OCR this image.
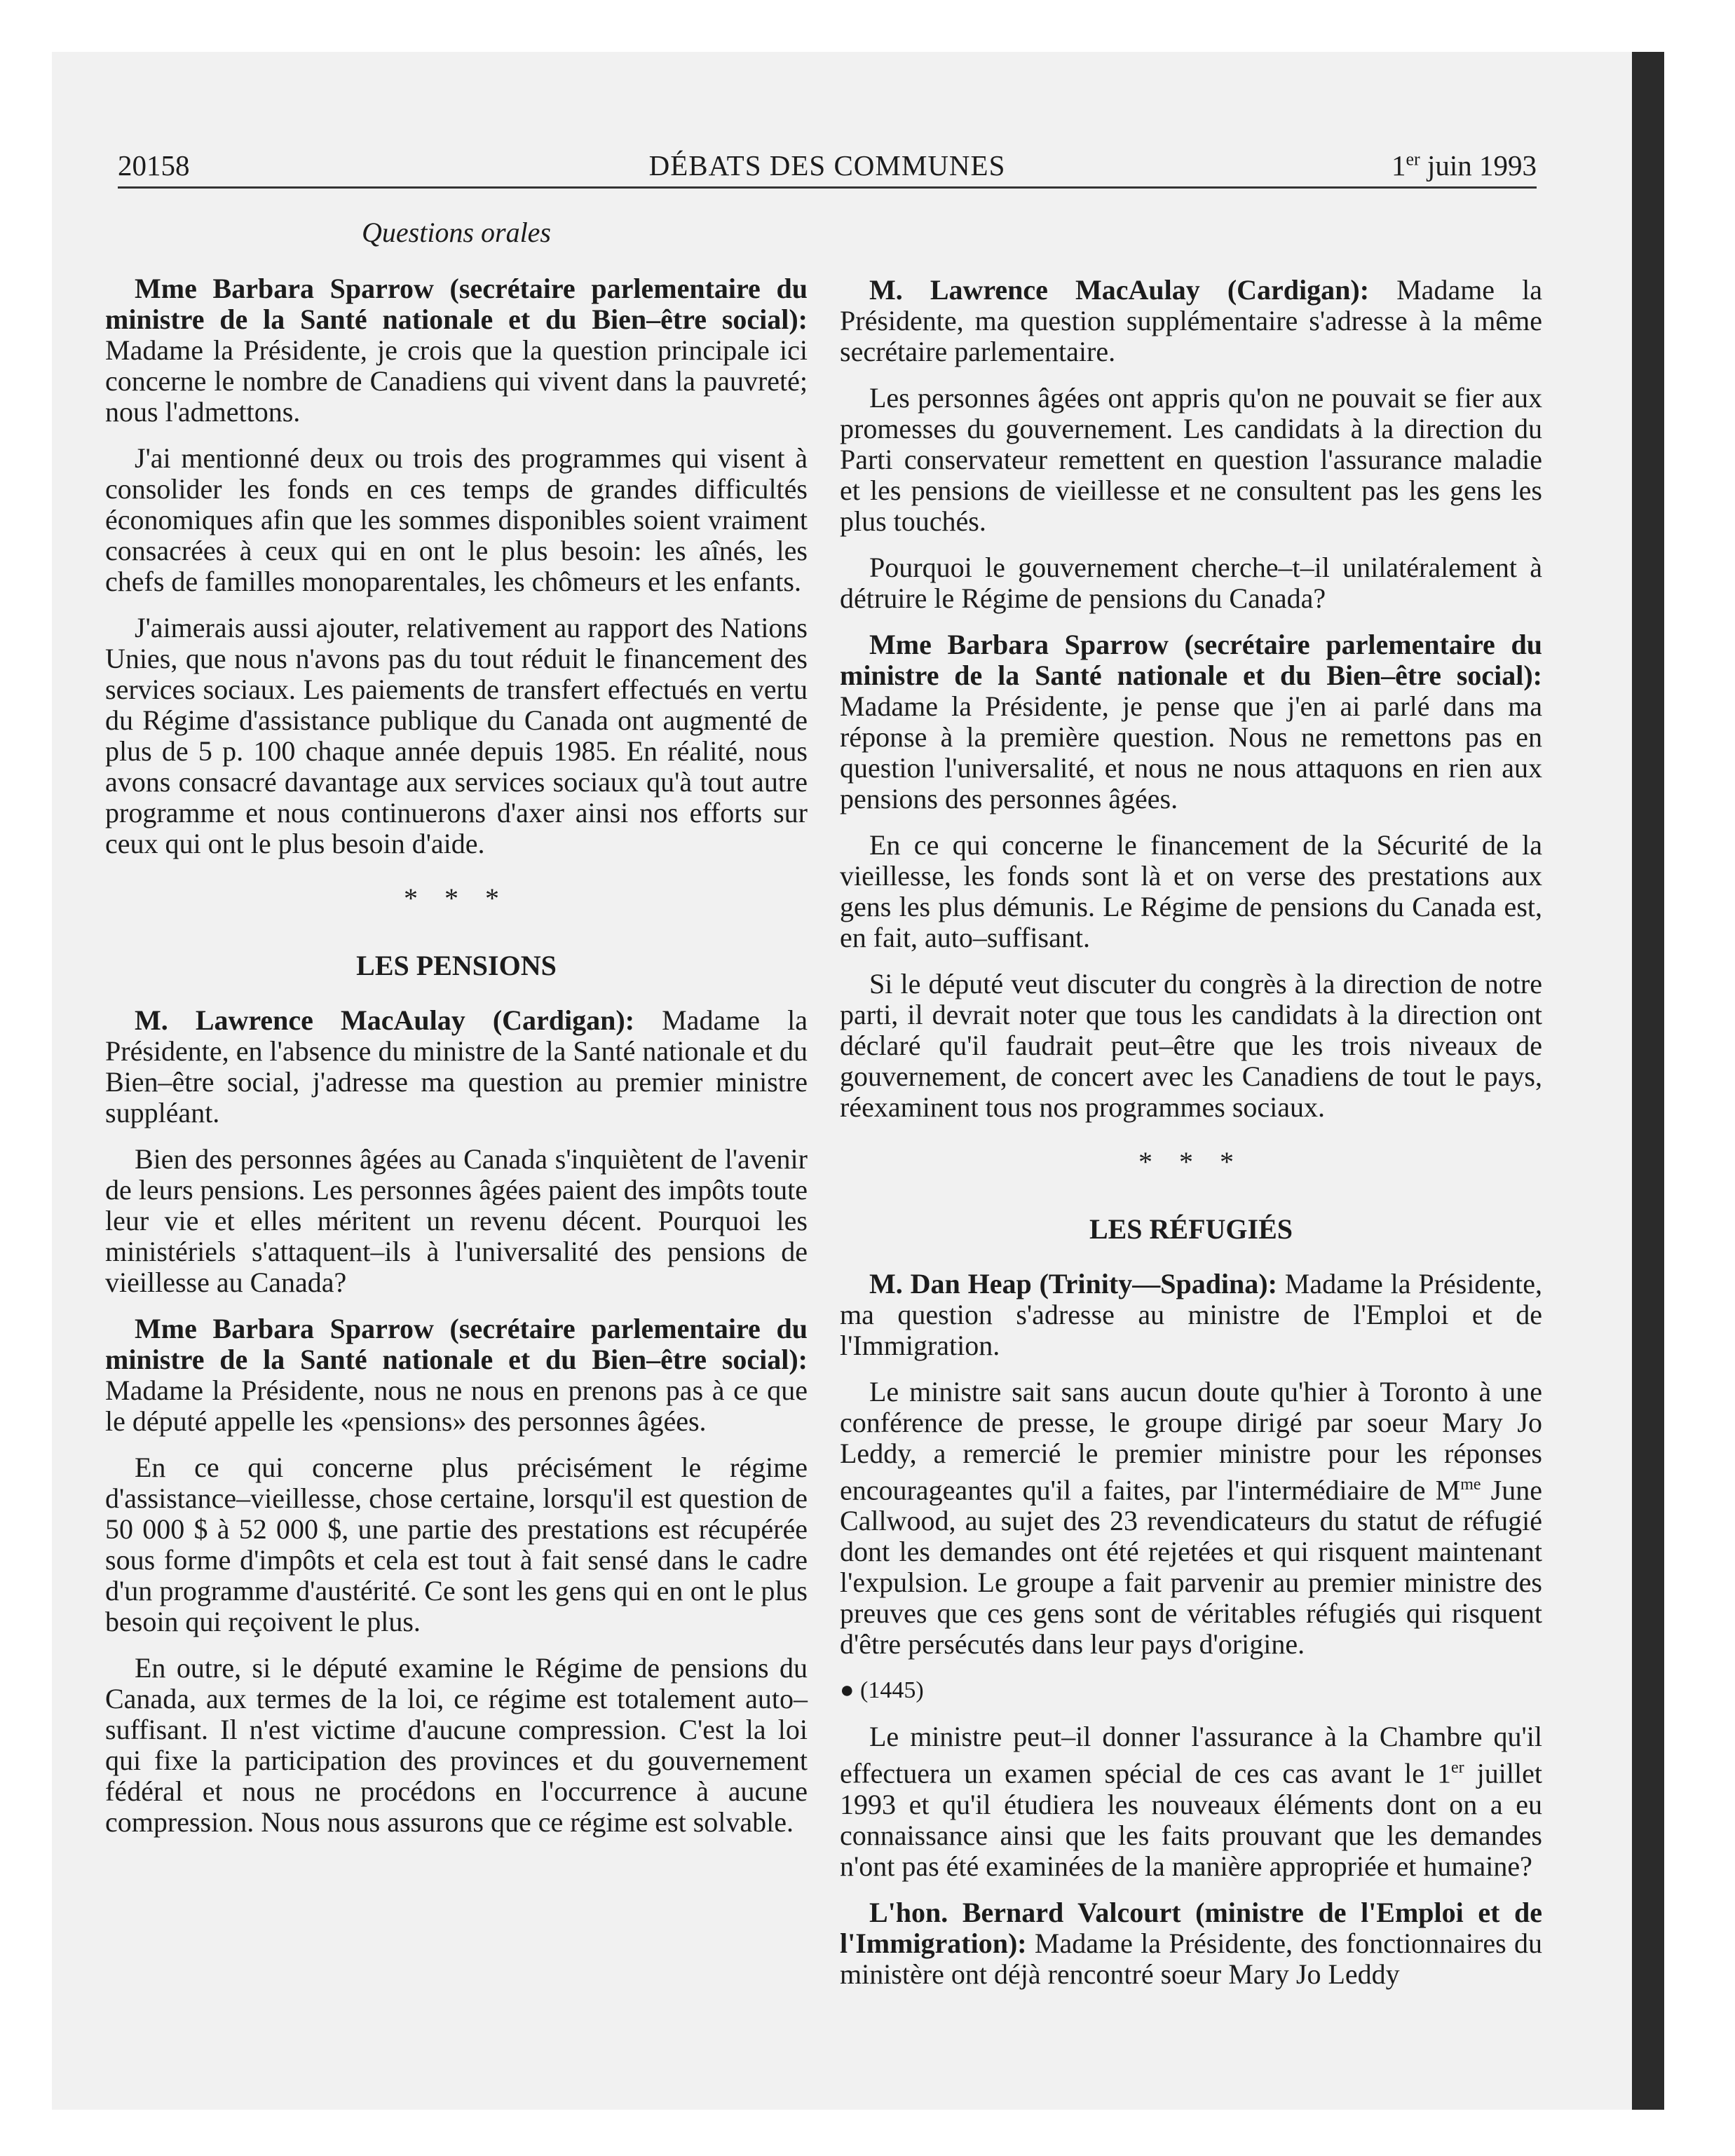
20158	DÉBATS DES COMMUNES	1er juin 1993
Questions orales

Mme Barbara Sparrow (secrétaire parlementaire du ministre de la Santé nationale et du Bien–être social): Madame la Présidente, je crois que la question principale ici concerne le nombre de Canadiens qui vivent dans la pauvreté; nous l'admettons.

J'ai mentionné deux ou trois des programmes qui visent à consolider les fonds en ces temps de grandes difficultés économiques afin que les sommes disponibles soient vraiment consacrées à ceux qui en ont le plus besoin: les aînés, les chefs de familles monoparentales, les chômeurs et les enfants.

J'aimerais aussi ajouter, relativement au rapport des Nations Unies, que nous n'avons pas du tout réduit le financement des services sociaux. Les paiements de transfert effectués en vertu du Régime d'assistance publique du Canada ont augmenté de plus de 5 p. 100 chaque année depuis 1985. En réalité, nous avons consacré davantage aux services sociaux qu'à tout autre programme et nous continuerons d'axer ainsi nos efforts sur ceux qui ont le plus besoin d'aide.

* * *
LES PENSIONS

M. Lawrence MacAulay (Cardigan): Madame la Présidente, en l'absence du ministre de la Santé nationale et du Bien–être social, j'adresse ma question au premier ministre suppléant.

Bien des personnes âgées au Canada s'inquiètent de l'avenir de leurs pensions. Les personnes âgées paient des impôts toute leur vie et elles méritent un revenu décent. Pourquoi les ministériels s'attaquent–ils à l'universalité des pensions de vieillesse au Canada?

Mme Barbara Sparrow (secrétaire parlementaire du ministre de la Santé nationale et du Bien–être social): Madame la Présidente, nous ne nous en prenons pas à ce que le député appelle les «pensions» des personnes âgées.

En ce qui concerne plus précisément le régime d'assistance–vieillesse, chose certaine, lorsqu'il est question de 50 000 $ à 52 000 $, une partie des prestations est récupérée sous forme d'impôts et cela est tout à fait sensé dans le cadre d'un programme d'austérité. Ce sont les gens qui en ont le plus besoin qui reçoivent le plus.

En outre, si le député examine le Régime de pensions du Canada, aux termes de la loi, ce régime est totalement auto–suffisant. Il n'est victime d'aucune compression. C'est la loi qui fixe la participation des provinces et du gouvernement fédéral et nous ne procédons en l'occurrence à aucune compression. Nous nous assurons que ce régime est solvable.

M. Lawrence MacAulay (Cardigan): Madame la Présidente, ma question supplémentaire s'adresse à la même secrétaire parlementaire.

Les personnes âgées ont appris qu'on ne pouvait se fier aux promesses du gouvernement. Les candidats à la direction du Parti conservateur remettent en question l'assurance maladie et les pensions de vieillesse et ne consultent pas les gens les plus touchés.

Pourquoi le gouvernement cherche–t–il unilatéralement à détruire le Régime de pensions du Canada?

Mme Barbara Sparrow (secrétaire parlementaire du ministre de la Santé nationale et du Bien–être social): Madame la Présidente, je pense que j'en ai parlé dans ma réponse à la première question. Nous ne remettons pas en question l'universalité, et nous ne nous attaquons en rien aux pensions des personnes âgées.

En ce qui concerne le financement de la Sécurité de la vieillesse, les fonds sont là et on verse des prestations aux gens les plus démunis. Le Régime de pensions du Canada est, en fait, auto–suffisant.

Si le député veut discuter du congrès à la direction de notre parti, il devrait noter que tous les candidats à la direction ont déclaré qu'il faudrait peut–être que les trois niveaux de gouvernement, de concert avec les Canadiens de tout le pays, réexaminent tous nos programmes sociaux.

* * *
LES RÉFUGIÉS

M. Dan Heap (Trinity—Spadina): Madame la Présidente, ma question s'adresse au ministre de l'Emploi et de l'Immigration.

Le ministre sait sans aucun doute qu'hier à Toronto à une conférence de presse, le groupe dirigé par soeur Mary Jo Leddy, a remercié le premier ministre pour les réponses encourageantes qu'il a faites, par l'intermédiaire de $M^{me}$ June Callwood, au sujet des 23 revendicateurs du statut de réfugié dont les demandes ont été rejetées et qui risquent maintenant l'expulsion. Le groupe a fait parvenir au premier ministre des preuves que ces gens sont de véritables réfugiés qui risquent d'être persécutés dans leur pays d'origine.

● (1445)

Le ministre peut–il donner l'assurance à la Chambre qu'il effectuera un examen spécial de ces cas avant le 1er juillet 1993 et qu'il étudiera les nouveaux éléments dont on a eu connaissance ainsi que les faits prouvant que les demandes n'ont pas été examinées de la manière appropriée et humaine?

L'hon. Bernard Valcourt (ministre de l'Emploi et de l'Immigration): Madame la Présidente, des fonctionnaires du ministère ont déjà rencontré soeur Mary Jo Leddy
